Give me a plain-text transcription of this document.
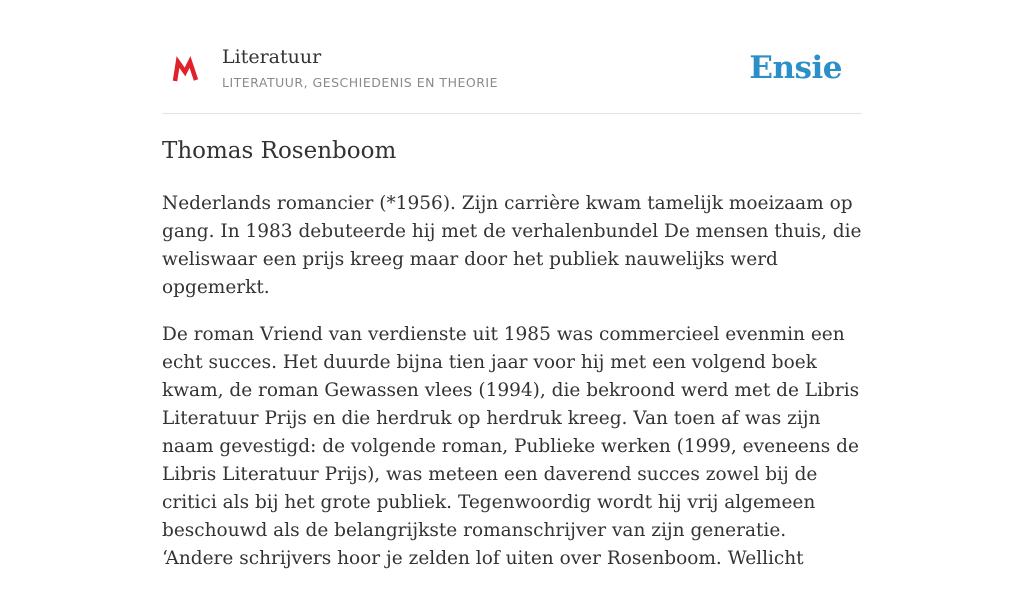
Literatuur
LITERATUUR, GESCHIEDENIS EN THEORIE	Ensie
Thomas Rosenboom

Nederlands romancier (*1956). Zijn carrière kwam tamelijk moeizaam op gang. In 1983 debuteerde hij met de verhalenbundel De mensen thuis, die weliswaar een prijs kreeg maar door het publiek nauwelijks werd opgemerkt.

De roman Vriend van verdienste uit 1985 was commercieel evenmin een echt succes. Het duurde bijna tien jaar voor hij met een volgend boek kwam, de roman Gewassen vlees (1994), die bekroond werd met de Libris Literatuur Prijs en die herdruk op herdruk kreeg. Van toen af was zijn naam gevestigd: de volgende roman, Publieke werken (1999, eveneens de Libris Literatuur Prijs), was meteen een daverend succes zowel bij de critici als bij het grote publiek. Tegenwoordig wordt hij vrij algemeen beschouwd als de belangrijkste romanschrijver van zijn generatie. ‘Andere schrijvers hoor je zelden lof uiten over Rosenboom. Wellicht
